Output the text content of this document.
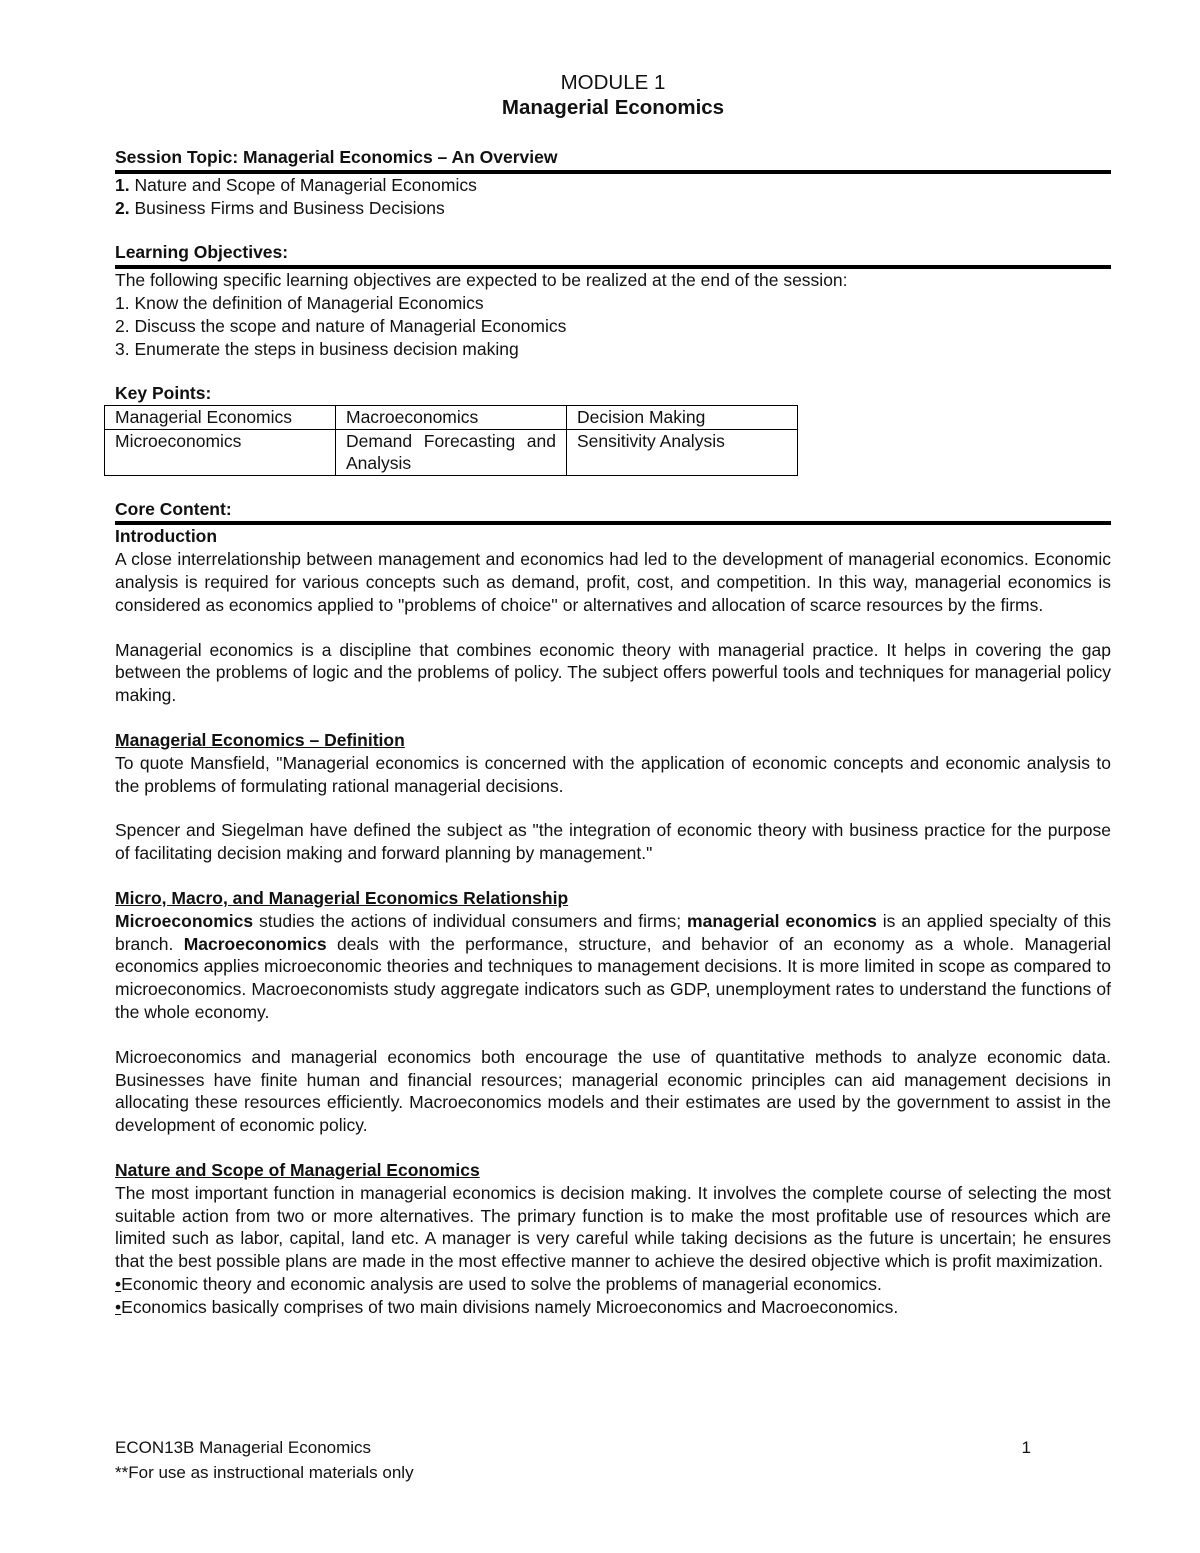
MODULE 1
Managerial Economics
Session Topic: Managerial Economics – An Overview

1. Nature and Scope of Managerial Economics

2. Business Firms and Business Decisions

Learning Objectives:

The following specific learning objectives are expected to be realized at the end of the session:

1. Know the definition of Managerial Economics

2. Discuss the scope and nature of Managerial Economics

3. Enumerate the steps in business decision making

Key Points:
Managerial Economics	Macroeconomics	Decision Making
Microeconomics	Demand Forecasting and Analysis	Sensitivity Analysis
Core Content:
Introduction

A close interrelationship between management and economics had led to the development of managerial economics. Economic analysis is required for various concepts such as demand, profit, cost, and competition. In this way, managerial economics is considered as economics applied to "problems of choice'' or alternatives and allocation of scarce resources by the firms.

Managerial economics is a discipline that combines economic theory with managerial practice. It helps in covering the gap between the problems of logic and the problems of policy. The subject offers powerful tools and techniques for managerial policy making.

Managerial Economics – Definition

To quote Mansfield, "Managerial economics is concerned with the application of economic concepts and economic analysis to the problems of formulating rational managerial decisions.

Spencer and Siegelman have defined the subject as "the integration of economic theory with business practice for the purpose of facilitating decision making and forward planning by management."

Micro, Macro, and Managerial Economics Relationship

Microeconomics studies the actions of individual consumers and firms; managerial economics is an applied specialty of this branch. Macroeconomics deals with the performance, structure, and behavior of an economy as a whole. Managerial economics applies microeconomic theories and techniques to management decisions. It is more limited in scope as compared to microeconomics. Macroeconomists study aggregate indicators such as GDP, unemployment rates to understand the functions of the whole economy.

Microeconomics and managerial economics both encourage the use of quantitative methods to analyze economic data. Businesses have finite human and financial resources; managerial economic principles can aid management decisions in allocating these resources efficiently. Macroeconomics models and their estimates are used by the government to assist in the development of economic policy.

Nature and Scope of Managerial Economics

The most important function in managerial economics is decision making. It involves the complete course of selecting the most suitable action from two or more alternatives. The primary function is to make the most profitable use of resources which are limited such as labor, capital, land etc. A manager is very careful while taking decisions as the future is uncertain; he ensures that the best possible plans are made in the most effective manner to achieve the desired objective which is profit maximization.

•Economic theory and economic analysis are used to solve the problems of managerial economics.

•Economics basically comprises of two main divisions namely Microeconomics and Macroeconomics.

ECON13B Managerial Economics	1
**For use as instructional materials only
